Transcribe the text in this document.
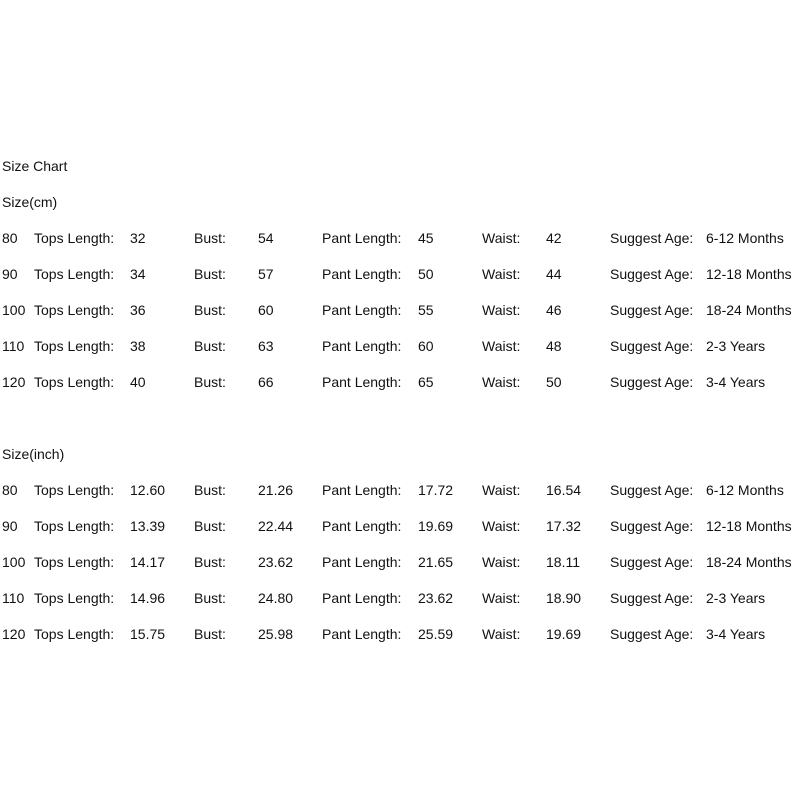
Size Chart
Size(cm)
80 Tops Length: 32	Bust: 54	Pant Length: 45	Waist: 42	Suggest Age: 6-12 Months
90 Tops Length: 34	Bust: 57	Pant Length: 50	Waist: 44	Suggest Age: 12-18 Months
100 Tops Length: 36	Bust: 60	Pant Length: 55	Waist: 46	Suggest Age: 18-24 Months
110 Tops Length: 38	Bust: 63	Pant Length: 60	Waist: 48	Suggest Age: 2-3 Years
120 Tops Length: 40	Bust: 66	Pant Length: 65	Waist: 50	Suggest Age: 3-4 Years
Size(inch)
80 Tops Length: 12.60 Bust: 21.26 Pant Length: 17.72 Waist: 16.54 Suggest Age: 6-12 Months
90 Tops Length: 13.39 Bust: 22.44 Pant Length: 19.69 Waist: 17.32 Suggest Age: 12-18 Months
100 Tops Length: 14.17 Bust: 23.62 Pant Length: 21.65 Waist: 18.11 Suggest Age: 18-24 Months
110 Tops Length: 14.96 Bust: 24.80 Pant Length: 23.62 Waist: 18.90 Suggest Age: 2-3 Years
120 Tops Length: 15.75 Bust: 25.98 Pant Length: 25.59 Waist: 19.69 Suggest Age: 3-4 Years
